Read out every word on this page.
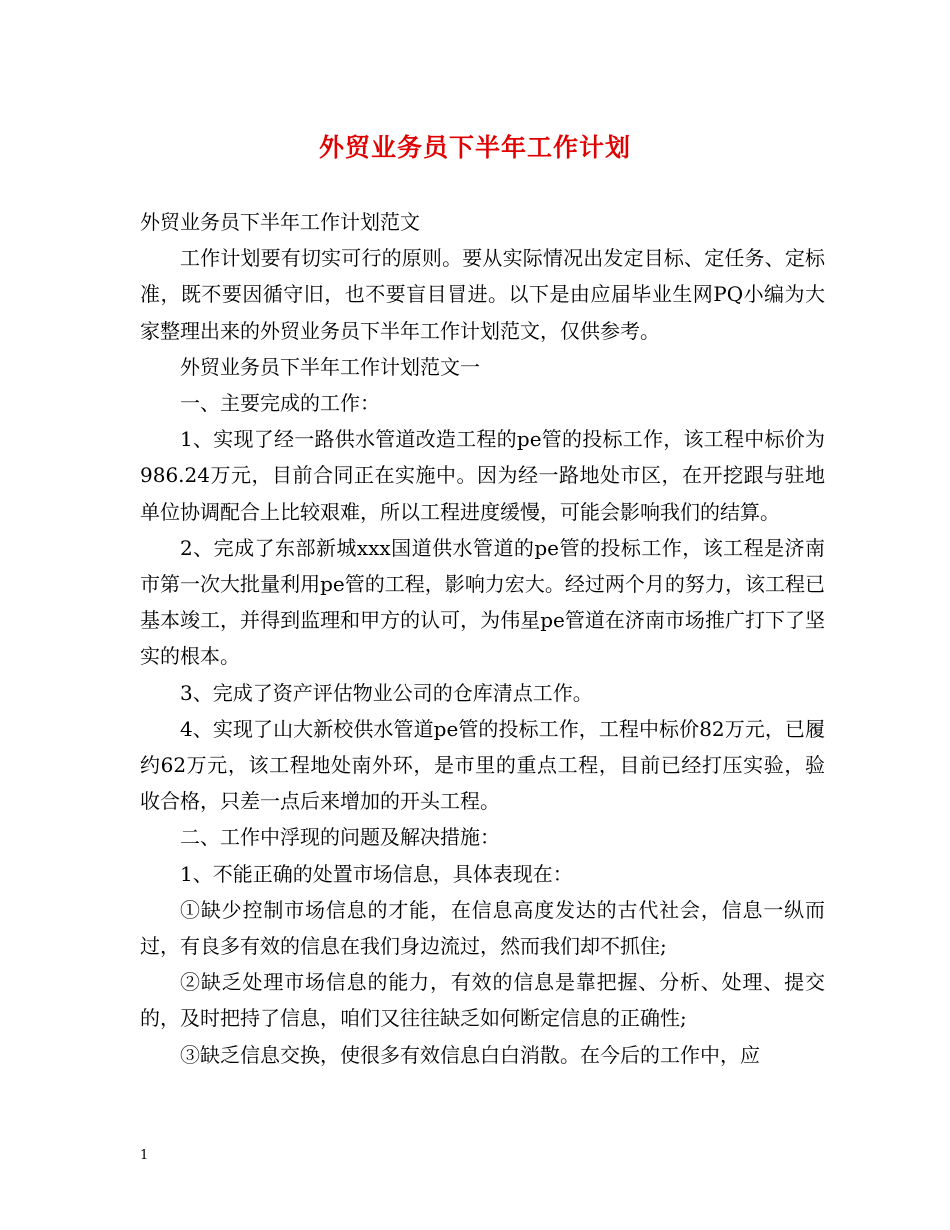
外贸业务员下半年工作计划

外贸业务员下半年工作计划范文

工作计划要有切实可行的原则。要从实际情况出发定目标、定任务、定标准，既不要因循守旧，也不要盲目冒进。以下是由应届毕业生网PQ小编为大家整理出来的外贸业务员下半年工作计划范文，仅供参考。

外贸业务员下半年工作计划范文一

一、主要完成的工作：

1、实现了经一路供水管道改造工程的pe管的投标工作，该工程中标价为986.24万元，目前合同正在实施中。因为经一路地处市区，在开挖跟与驻地单位协调配合上比较艰难，所以工程进度缓慢，可能会影响我们的结算。

2、完成了东部新城xxx国道供水管道的pe管的投标工作，该工程是济南市第一次大批量利用pe管的工程，影响力宏大。经过两个月的努力，该工程已基本竣工，并得到监理和甲方的认可，为伟星pe管道在济南市场推广打下了坚实的根本。

3、完成了资产评估物业公司的仓库清点工作。

4、实现了山大新校供水管道pe管的投标工作，工程中标价82万元，已履约62万元，该工程地处南外环，是市里的重点工程，目前已经打压实验，验收合格，只差一点后来增加的开头工程。

二、工作中浮现的问题及解决措施：

1、不能正确的处置市场信息，具体表现在：

①缺少控制市场信息的才能，在信息高度发达的古代社会，信息一纵而过，有良多有效的信息在我们身边流过，然而我们却不抓住;

②缺乏处理市场信息的能力，有效的信息是靠把握、分析、处理、提交的，及时把持了信息，咱们又往往缺乏如何断定信息的正确性;

③缺乏信息交换，使很多有效信息白白消散。在今后的工作中，应

1
